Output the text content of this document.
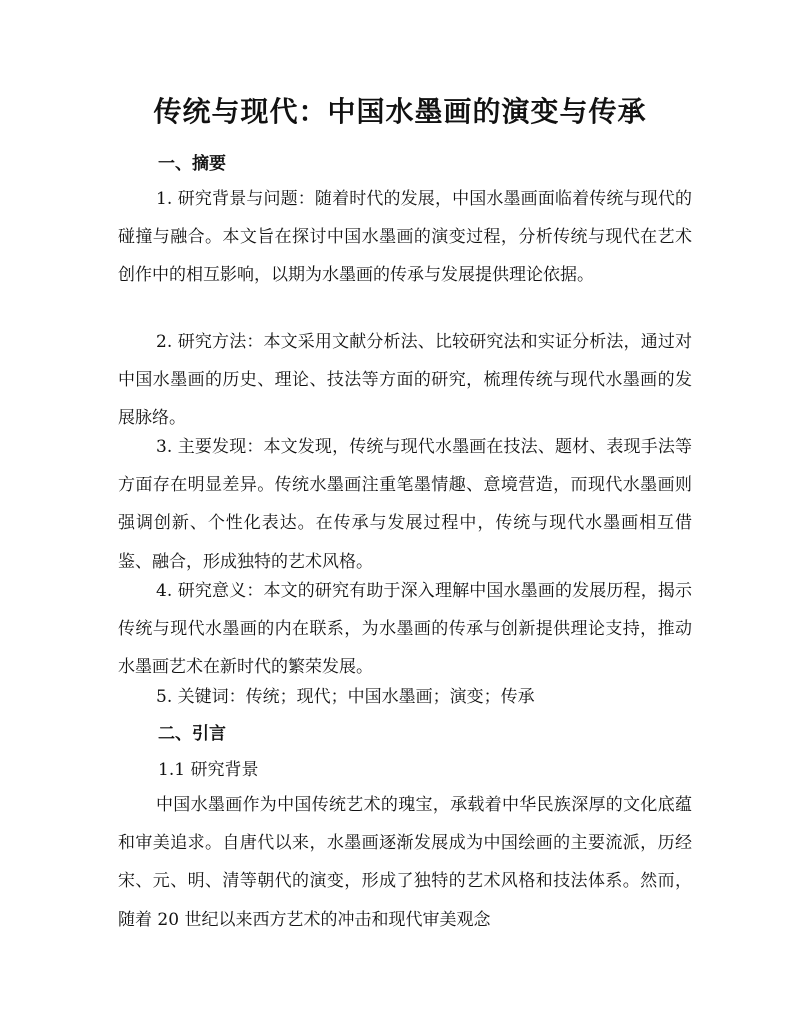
传统与现代：中国水墨画的演变与传承
一、摘要
1. 研究背景与问题：随着时代的发展，中国水墨画面临着传统与现代的碰撞与融合。本文旨在探讨中国水墨画的演变过程，分析传统与现代在艺术创作中的相互影响，以期为水墨画的传承与发展提供理论依据。
2. 研究方法：本文采用文献分析法、比较研究法和实证分析法，通过对中国水墨画的历史、理论、技法等方面的研究，梳理传统与现代水墨画的发展脉络。
3. 主要发现：本文发现，传统与现代水墨画在技法、题材、表现手法等方面存在明显差异。传统水墨画注重笔墨情趣、意境营造，而现代水墨画则强调创新、个性化表达。在传承与发展过程中，传统与现代水墨画相互借鉴、融合，形成独特的艺术风格。
4. 研究意义：本文的研究有助于深入理解中国水墨画的发展历程，揭示传统与现代水墨画的内在联系，为水墨画的传承与创新提供理论支持，推动水墨画艺术在新时代的繁荣发展。
5. 关键词：传统；现代；中国水墨画；演变；传承
二、引言
1.1 研究背景
中国水墨画作为中国传统艺术的瑰宝，承载着中华民族深厚的文化底蕴和审美追求。自唐代以来，水墨画逐渐发展成为中国绘画的主要流派，历经宋、元、明、清等朝代的演变，形成了独特的艺术风格和技法体系。然而，随着 20 世纪以来西方艺术的冲击和现代审美观念
